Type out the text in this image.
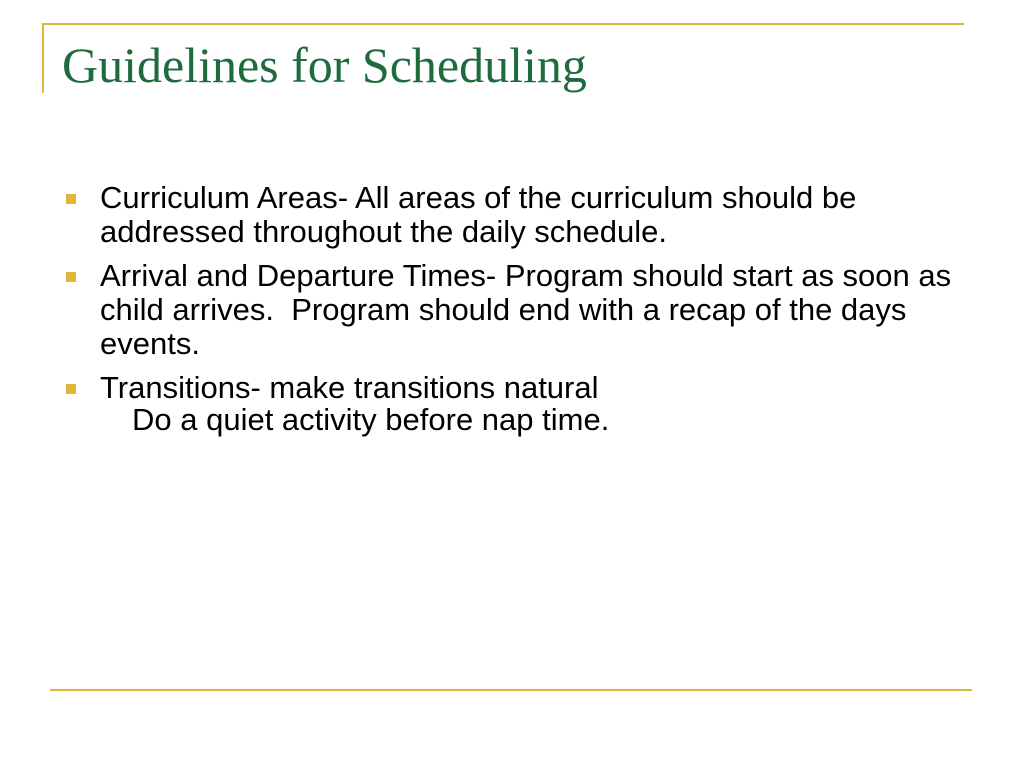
Guidelines for Scheduling
Curriculum Areas- All areas of the curriculum should be addressed throughout the daily schedule.
Arrival and Departure Times- Program should start as soon as child arrives.  Program should end with a recap of the days events.
Transitions- make transitions natural

Do a quiet activity before nap time.
